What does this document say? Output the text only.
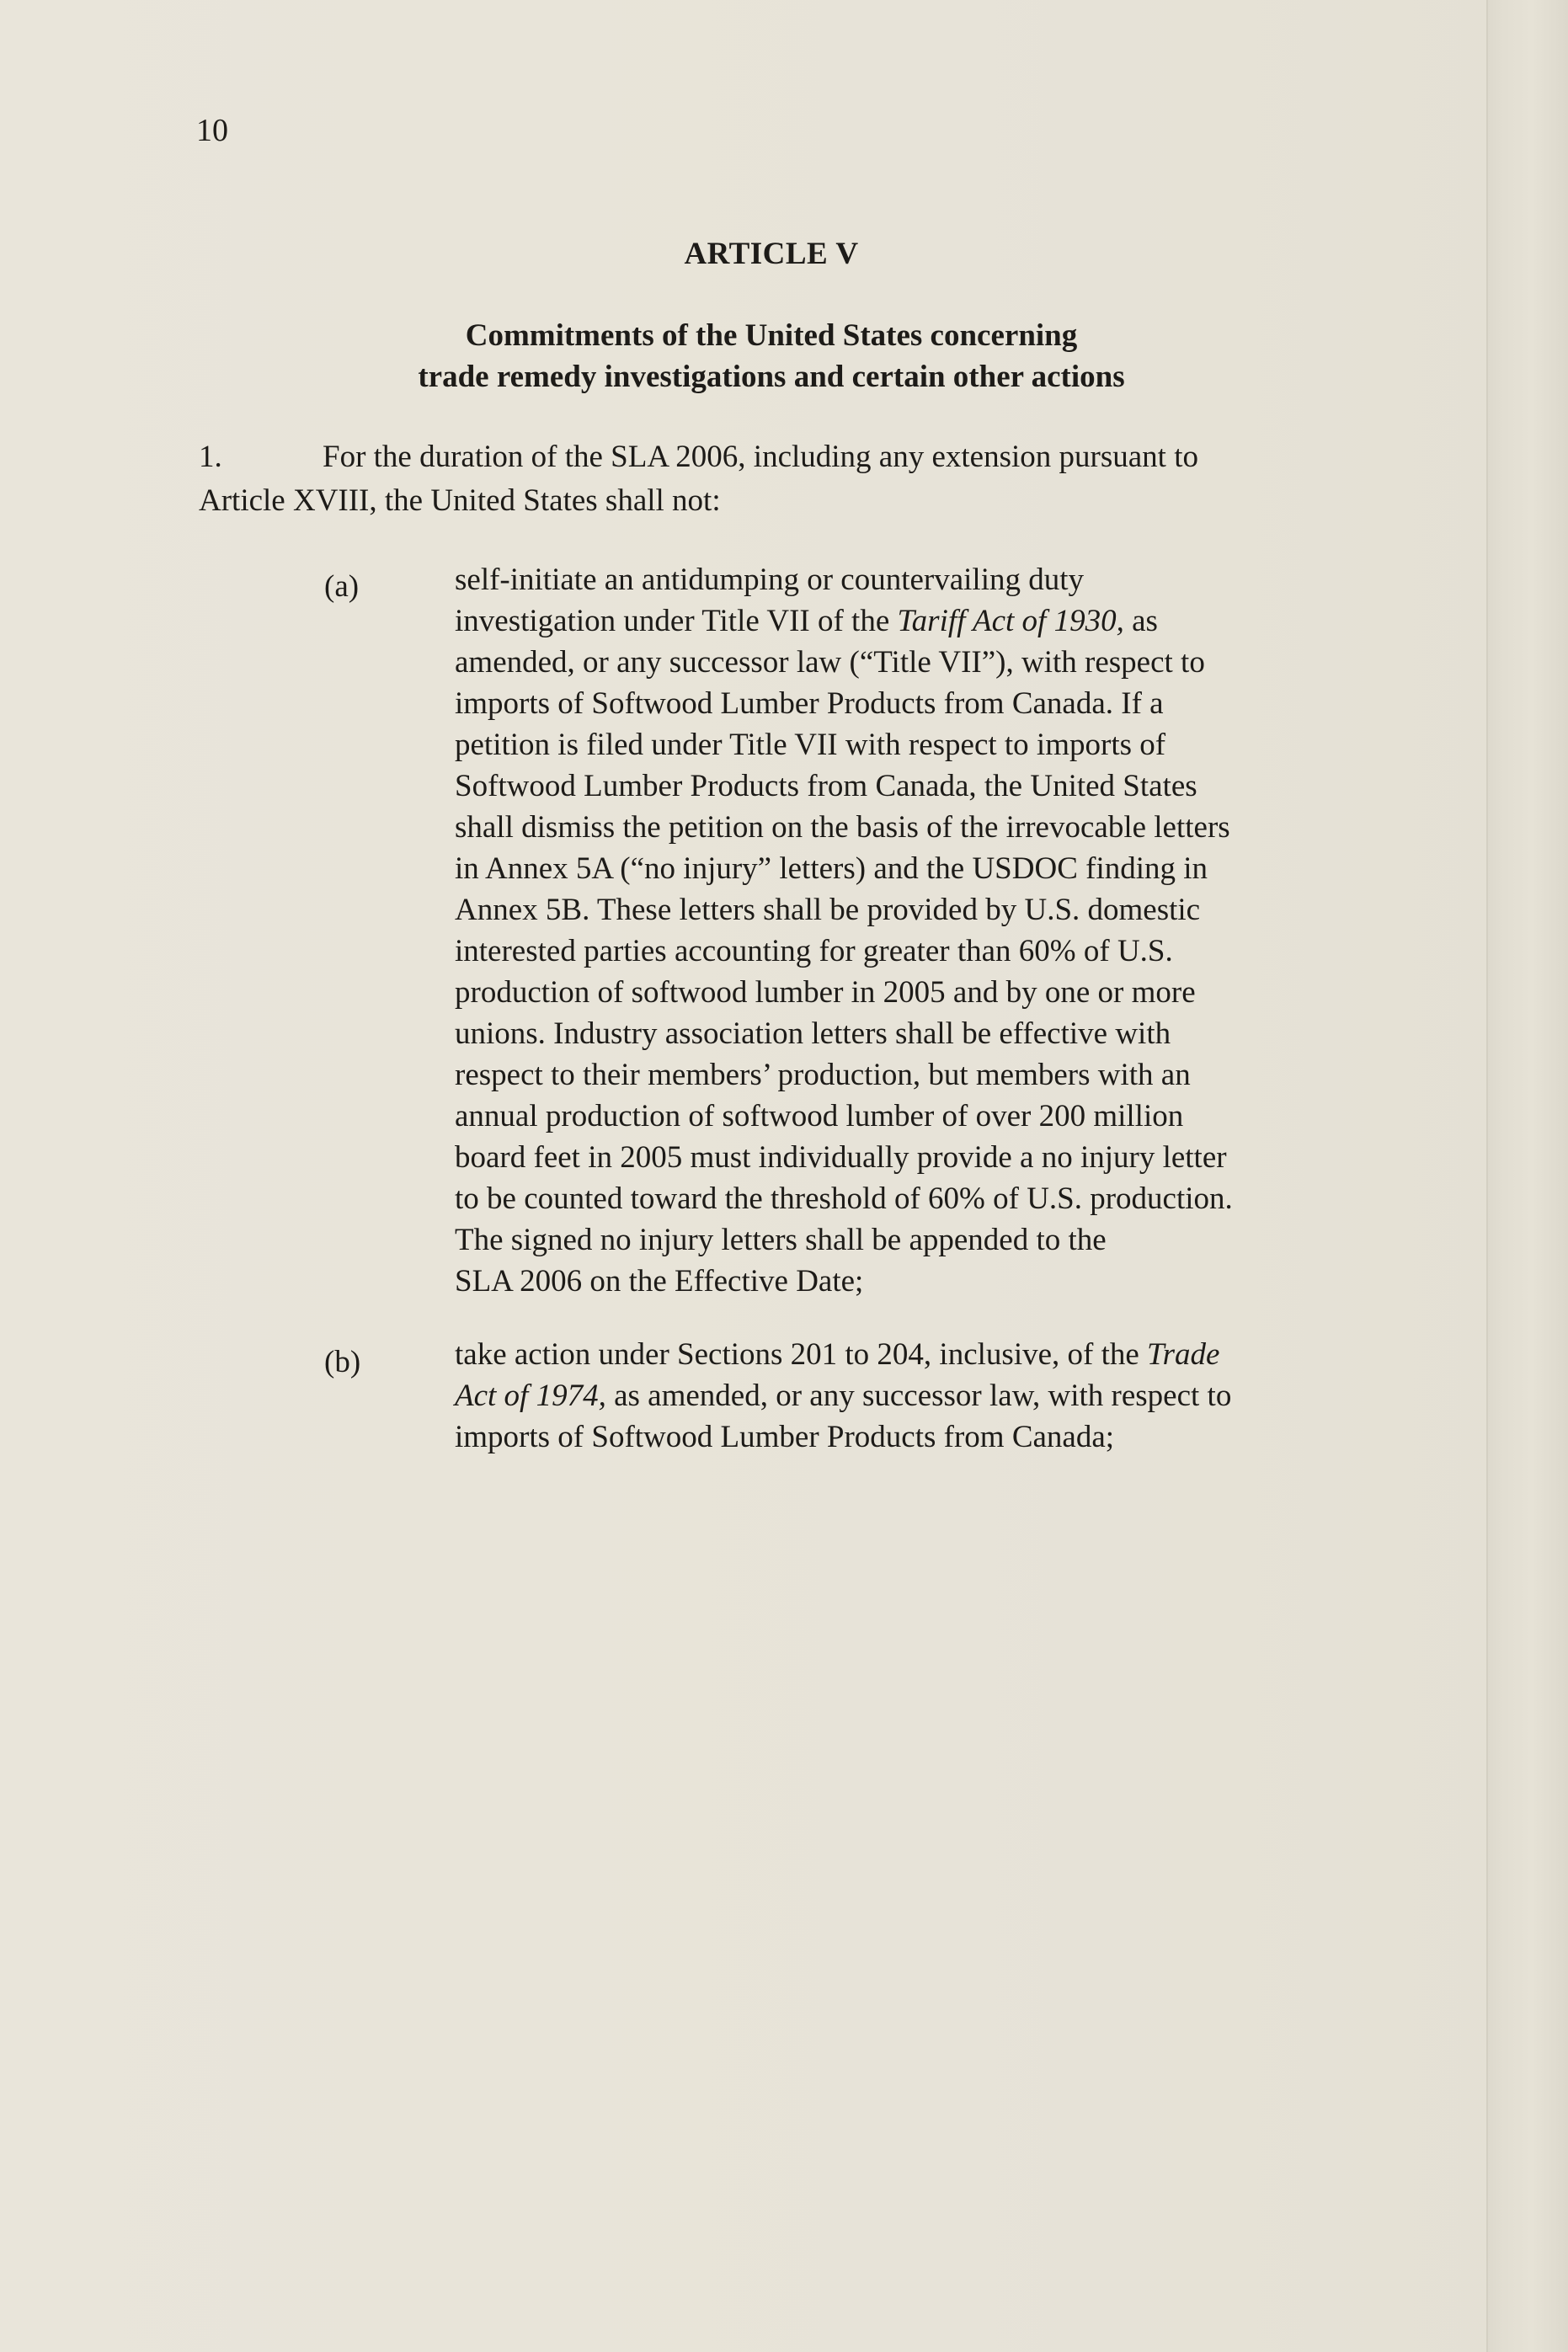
10
ARTICLE V
Commitments of the United States concerning
trade remedy investigations and certain other actions
1.	For the duration of the SLA 2006, including any extension pursuant to
Article XVIII, the United States shall not:
(a)	self-initiate an antidumping or countervailing duty
investigation under Title VII of the Tariff Act of 1930, as
amended, or any successor law (“Title VII”), with respect to
imports of Softwood Lumber Products from Canada. If a
petition is filed under Title VII with respect to imports of
Softwood Lumber Products from Canada, the United States
shall dismiss the petition on the basis of the irrevocable letters
in Annex 5A (“no injury” letters) and the USDOC finding in
Annex 5B. These letters shall be provided by U.S. domestic
interested parties accounting for greater than 60% of U.S.
production of softwood lumber in 2005 and by one or more
unions. Industry association letters shall be effective with
respect to their members’ production, but members with an
annual production of softwood lumber of over 200 million
board feet in 2005 must individually provide a no injury letter
to be counted toward the threshold of 60% of U.S. production.
The signed no injury letters shall be appended to the
SLA 2006 on the Effective Date;
(b)	take action under Sections 201 to 204, inclusive, of the Trade
Act of 1974, as amended, or any successor law, with respect to
imports of Softwood Lumber Products from Canada;
